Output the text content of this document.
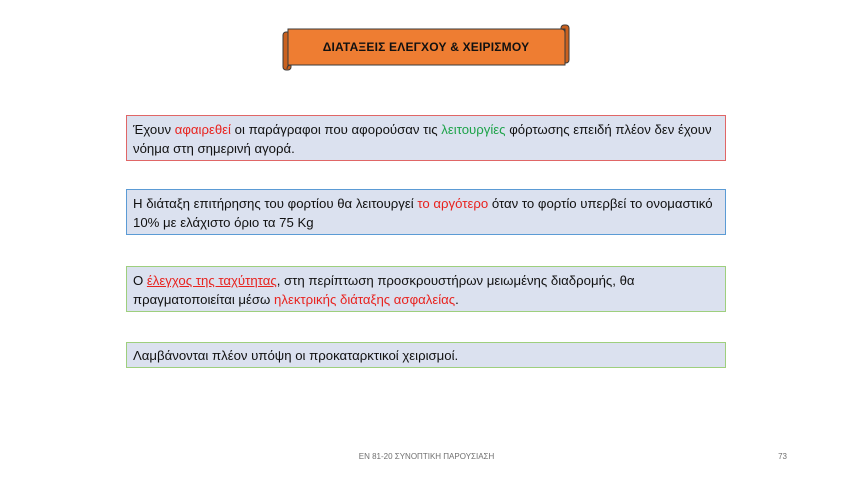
ΔΙΑΤΑΞΕΙΣ ΕΛΕΓΧΟΥ & ΧΕΙΡΙΣΜΟΥ
Έχουν αφαιρεθεί οι παράγραφοι που αφορούσαν τις λειτουργίες φόρτωσης επειδή πλέον δεν έχουν νόημα στη σημερινή αγορά.
Η διάταξη επιτήρησης του φορτίου θα λειτουργεί το αργότερο όταν το φορτίο υπερβεί το ονομαστικό 10% με ελάχιστο όριο τα 75 Kg
Ο έλεγχος της ταχύτητας, στη περίπτωση προσκρουστήρων μειωμένης διαδρομής, θα πραγματοποιείται μέσω ηλεκτρικής διάταξης ασφαλείας.
Λαμβάνονται πλέον υπόψη οι προκαταρκτικοί χειρισμοί.
ΕΝ 81-20 ΣΥΝΟΠΤΙΚΗ ΠΑΡΟΥΣΙΑΣΗ	73
